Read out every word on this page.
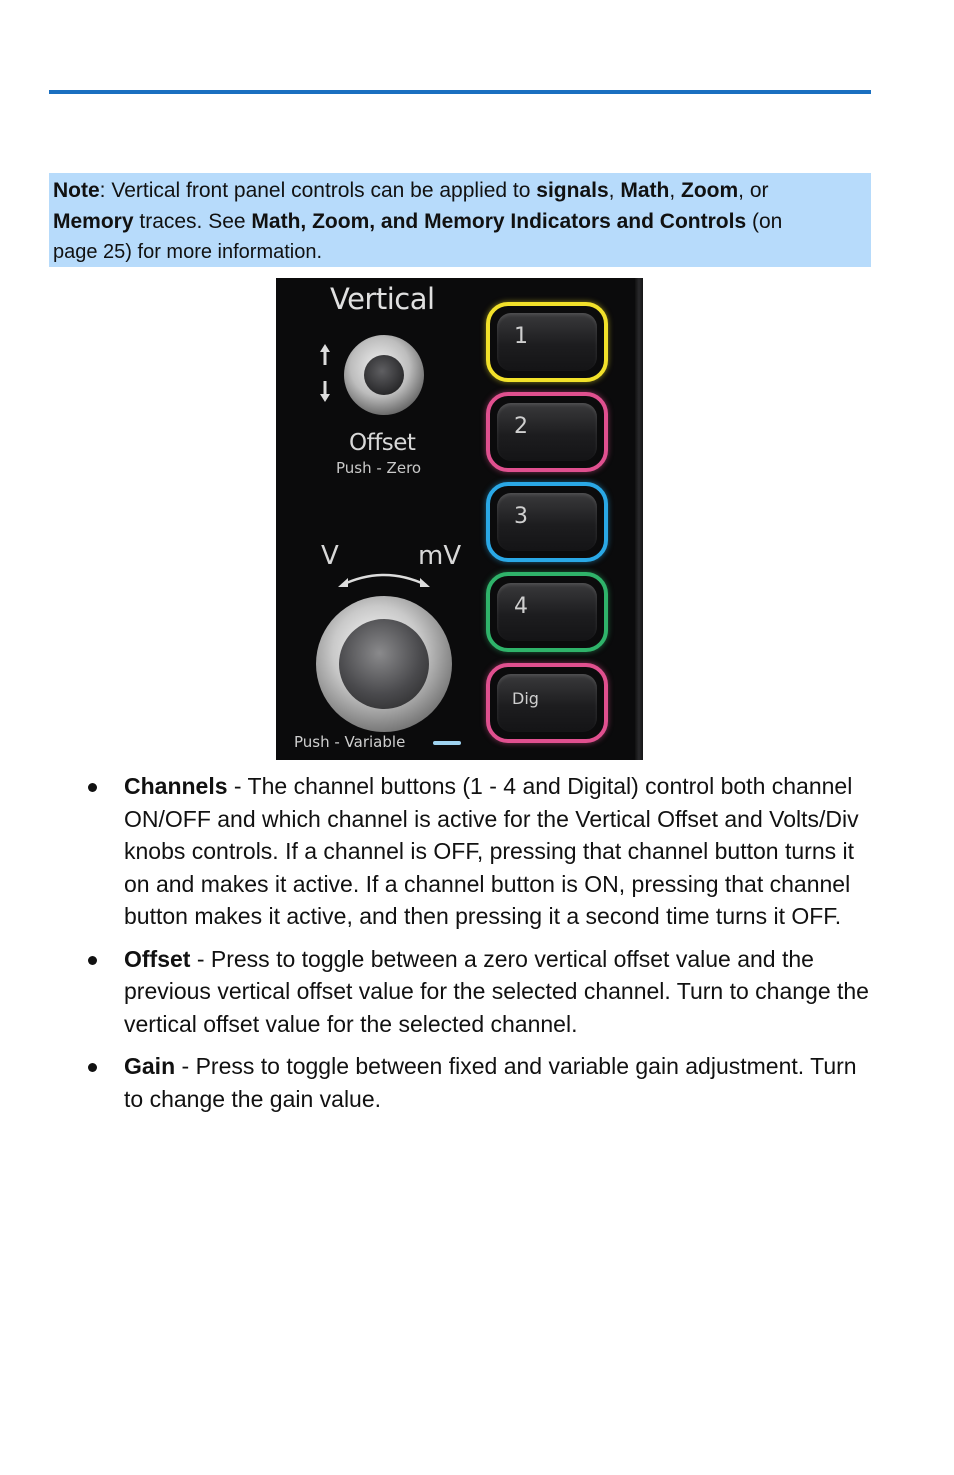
Note: Vertical front panel controls can be applied to signals, Math, Zoom, or
Memory traces. See Math, Zoom, and Memory Indicators and Controls (on
page 25) for more information.
Vertical
Offset
Push - Zero
V	mV
Push - Variable
1
2
3
4
Dig
Channels - The channel buttons (1 - 4 and Digital) control both channel ON/OFF and which channel is active for the Vertical Offset and Volts/Div knobs controls. If a channel is OFF, pressing that channel button turns it on and makes it active. If a channel button is ON, pressing that channel button makes it active, and then pressing it a second time turns it OFF.
Offset - Press to toggle between a zero vertical offset value and the previous vertical offset value for the selected channel. Turn to change the vertical offset value for the selected channel.
Gain - Press to toggle between fixed and variable gain adjustment. Turn to change the gain value.
